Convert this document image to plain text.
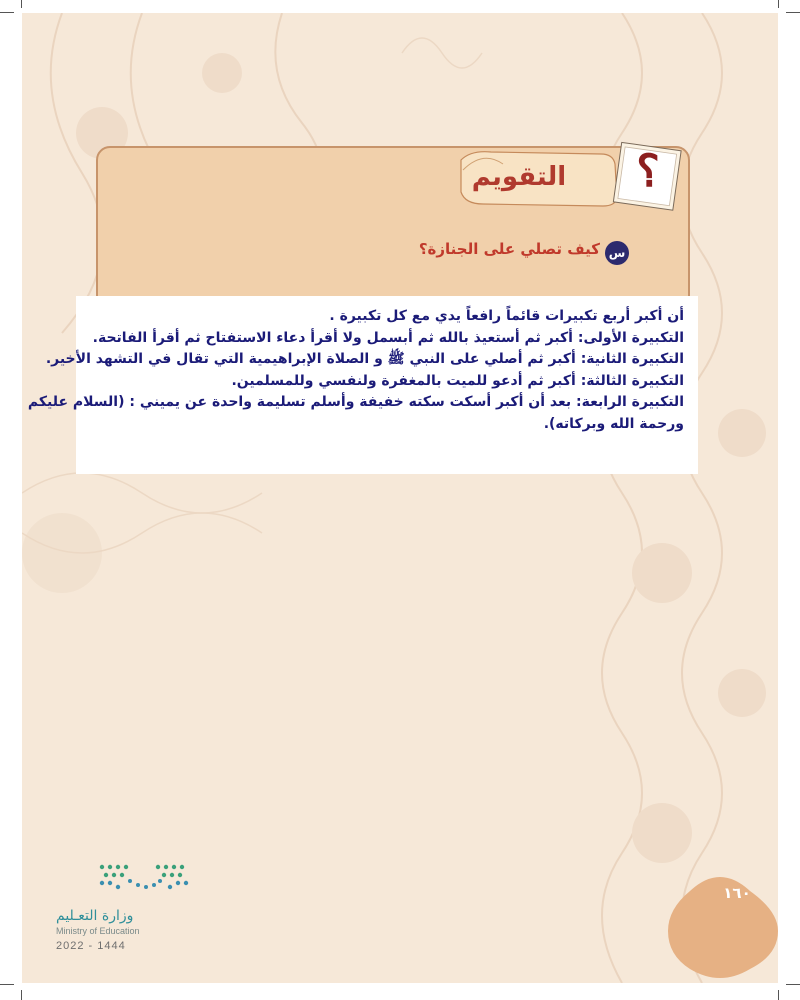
؟
التقويم
س
كيف تصلي على الجنازة؟
أن أكبر أربع تكبيرات قائماً رافعاً يدي مع كل تكبيرة .
التكبيرة الأولى: أكبر ثم أستعيذ بالله ثم أبسمل ولا أقرأ دعاء الاستفتاح ثم أقرأ الفاتحة.
التكبيرة الثانية: أكبر ثم أصلي على النبي ﷺ و الصلاة الإبراهيمية التي تقال في التشهد الأخير.
التكبيرة الثالثة: أكبر ثم أدعو للميت بالمغفرة ولنفسي وللمسلمين.
التكبيرة الرابعة: بعد أن أكبر أسكت سكته خفيفة وأسلم تسليمة واحدة عن يميني : (السلام عليكم
ورحمة الله وبركاته).
١٦٠
وزارة التعـليم
Ministry of Education
2022 - 1444
